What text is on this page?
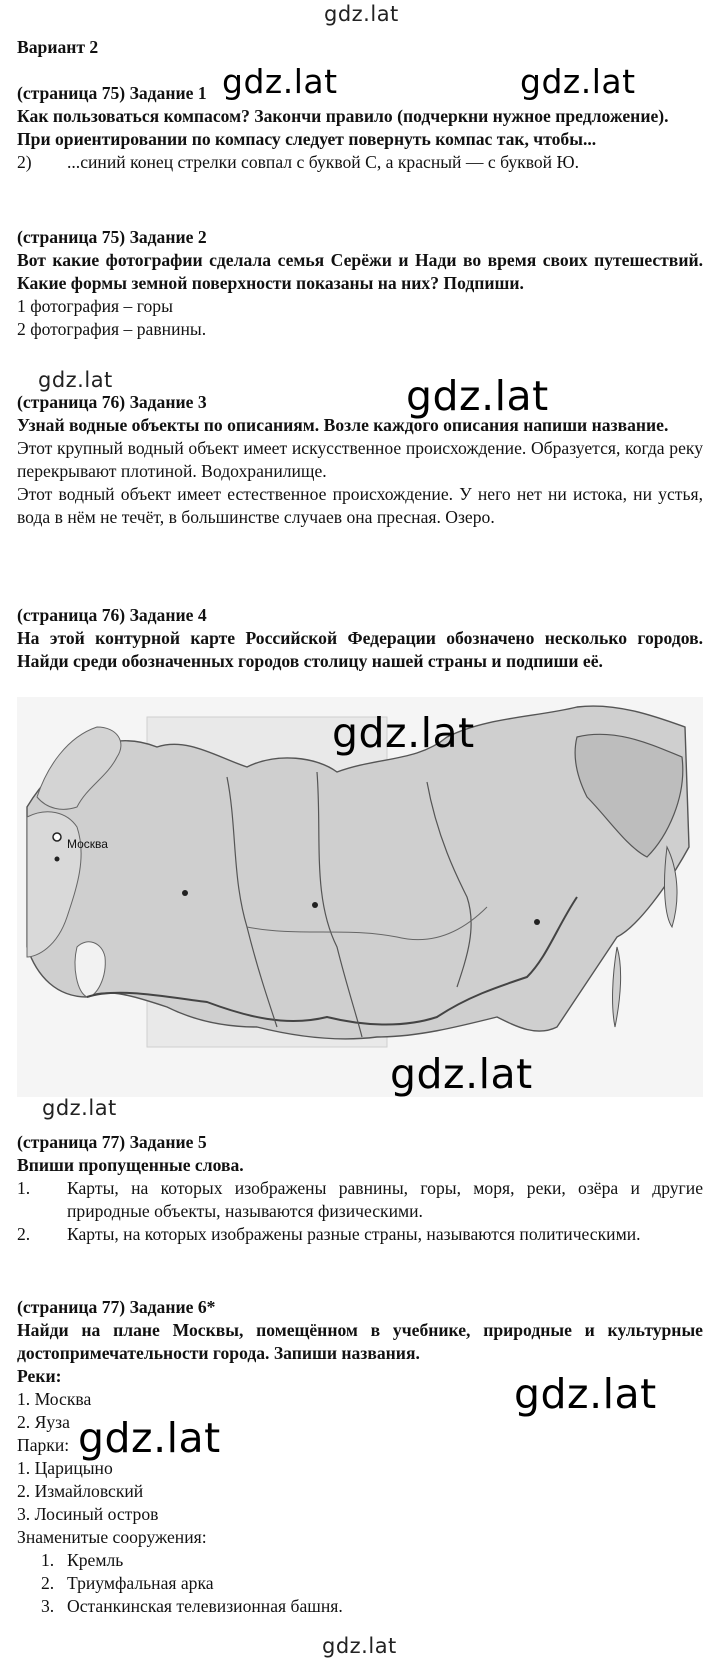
Вариант 2

(страница 75) Задание 1

Как пользоваться компасом? Закончи правило (подчеркни нужное предложение).

При ориентировании по компасу следует повернуть компас так, чтобы...

2)	...синий конец стрелки совпал с буквой С, а красный — с буквой Ю.

(страница 75) Задание 2

Вот какие фотографии сделала семья Серёжи и Нади во время своих путешествий. Какие формы земной поверхности показаны на них? Подпиши.

1 фотография – горы

2 фотография – равнины.

(страница 76) Задание 3

Узнай водные объекты по описаниям. Возле каждого описания напиши название.

Этот крупный водный объект имеет искусственное происхождение. Образуется, когда реку перекрывают плотиной. Водохранилище.

Этот водный объект имеет естественное происхождение. У него нет ни истока, ни устья, вода в нём не течёт, в большинстве случаев она пресная. Озеро.

(страница 76) Задание 4

На этой контурной карте Российской Федерации обозначено несколько городов. Найди среди обозначенных городов столицу нашей страны и подпиши её.

Москва

(страница 77) Задание 5

Впиши пропущенные слова.

1.	Карты, на которых изображены равнины, горы, моря, реки, озёра и другие природные объекты, называются физическими.
2.	Карты, на которых изображены разные страны, называются политическими.

(страница 77) Задание 6*

Найди на плане Москвы, помещённом в учебнике, природные и культурные достопримечательности города. Запиши названия.

Реки:

1. Москва

2. Яуза

Парки:

1. Царицыно

2. Измайловский

3. Лосиный остров

Знаменитые сооружения:

1. Кремль
2. Триумфальная арка
3. Останкинская телевизионная башня.
gdz.lat
gdz.lat	gdz.lat
gdz.lat	gdz.lat
gdz.lat
gdz.lat
gdz.lat
gdz.lat
gdz.lat
gdz.lat
